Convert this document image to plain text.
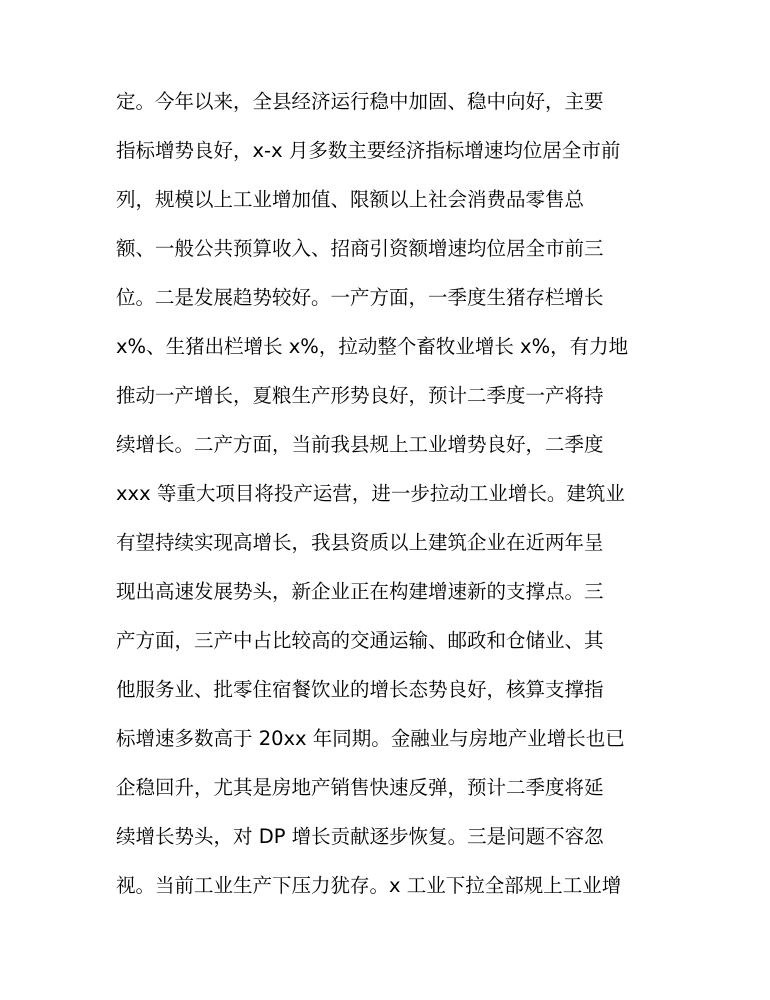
定。今年以来，全县经济运行稳中加固、稳中向好，主要
指标增势良好，x-x 月多数主要经济指标增速均位居全市前
列，规模以上工业增加值、限额以上社会消费品零售总
额、一般公共预算收入、招商引资额增速均位居全市前三
位。二是发展趋势较好。一产方面，一季度生猪存栏增长
x%、生猪出栏增长 x%，拉动整个畜牧业增长 x%，有力地
推动一产增长，夏粮生产形势良好，预计二季度一产将持
续增长。二产方面，当前我县规上工业增势良好，二季度
xxx 等重大项目将投产运营，进一步拉动工业增长。建筑业
有望持续实现高增长，我县资质以上建筑企业在近两年呈
现出高速发展势头，新企业正在构建增速新的支撑点。三
产方面，三产中占比较高的交通运输、邮政和仓储业、其
他服务业、批零住宿餐饮业的增长态势良好，核算支撑指
标增速多数高于 20xx 年同期。金融业与房地产业增长也已
企稳回升，尤其是房地产销售快速反弹，预计二季度将延
续增长势头，对 DP 增长贡献逐步恢复。三是问题不容忽
视。当前工业生产下压力犹存。x 工业下拉全部规上工业增
